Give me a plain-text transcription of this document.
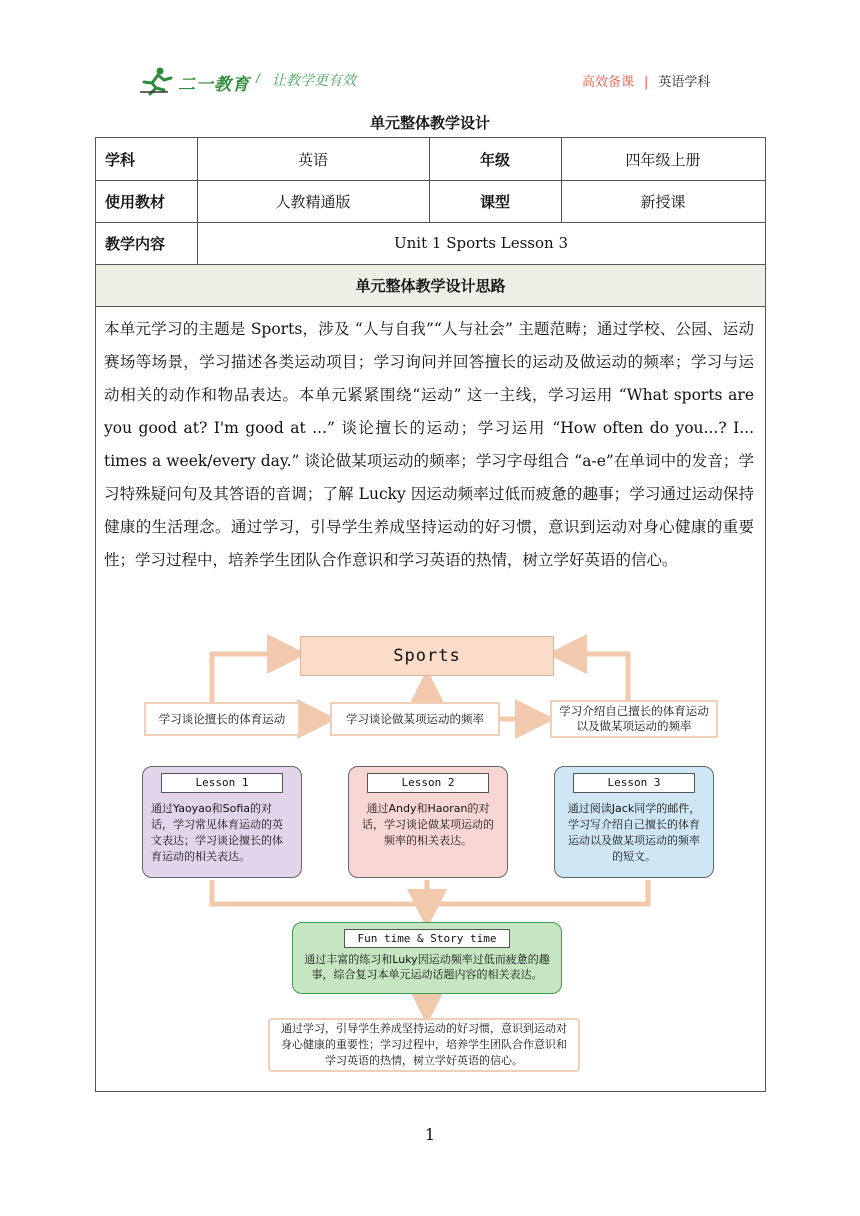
二一教育 / 让教学更有效	高效备课 | 英语学科
单元整体教学设计
学科	英语	年级	四年级上册
使用教材	人教精通版	课型	新授课
教学内容	Unit 1 Sports Lesson 3
单元整体教学设计思路
本单元学习的主题是 Sports，涉及 “人与自我”“人与社会” 主题范畴；通过学校、公园、运动赛场等场景，学习描述各类运动项目；学习询问并回答擅长的运动及做运动的频率；学习与运动相关的动作和物品表达。本单元紧紧围绕“运动” 这一主线，学习运用 “What sports are you good at? I'm good at ...” 谈论擅长的运动；学习运用 “How often do you...? I... times a week/every day.” 谈论做某项运动的频率；学习字母组合 “a-e”在单词中的发音；学习特殊疑问句及其答语的音调；了解 Lucky 因运动频率过低而疲惫的趣事；学习通过运动保持健康的生活理念。通过学习，引导学生养成坚持运动的好习惯，意识到运动对身心健康的重要性；学习过程中，培养学生团队合作意识和学习英语的热情，树立学好英语的信心。
Sports
学习谈论擅长的体育运动	学习谈论做某项运动的频率
学习介绍自己擅长的体育运动以及做某项运动的频率
Lesson 1
通过Yaoyao和Sofia的对话，学习常见体育运动的英文表达；学习谈论擅长的体育运动的相关表达。
Lesson 2
通过Andy和Haoran的对话，学习谈论做某项运动的频率的相关表达。
Lesson 3
通过阅读Jack同学的邮件，学习写介绍自己擅长的体育运动以及做某项运动的频率的短文。
Fun time & Story time
通过丰富的练习和Luky因运动频率过低而疲惫的趣事，综合复习本单元运动话题内容的相关表达。
通过学习，引导学生养成坚持运动的好习惯，意识到运动对身心健康的重要性；学习过程中，培养学生团队合作意识和学习英语的热情，树立学好英语的信心。
1
